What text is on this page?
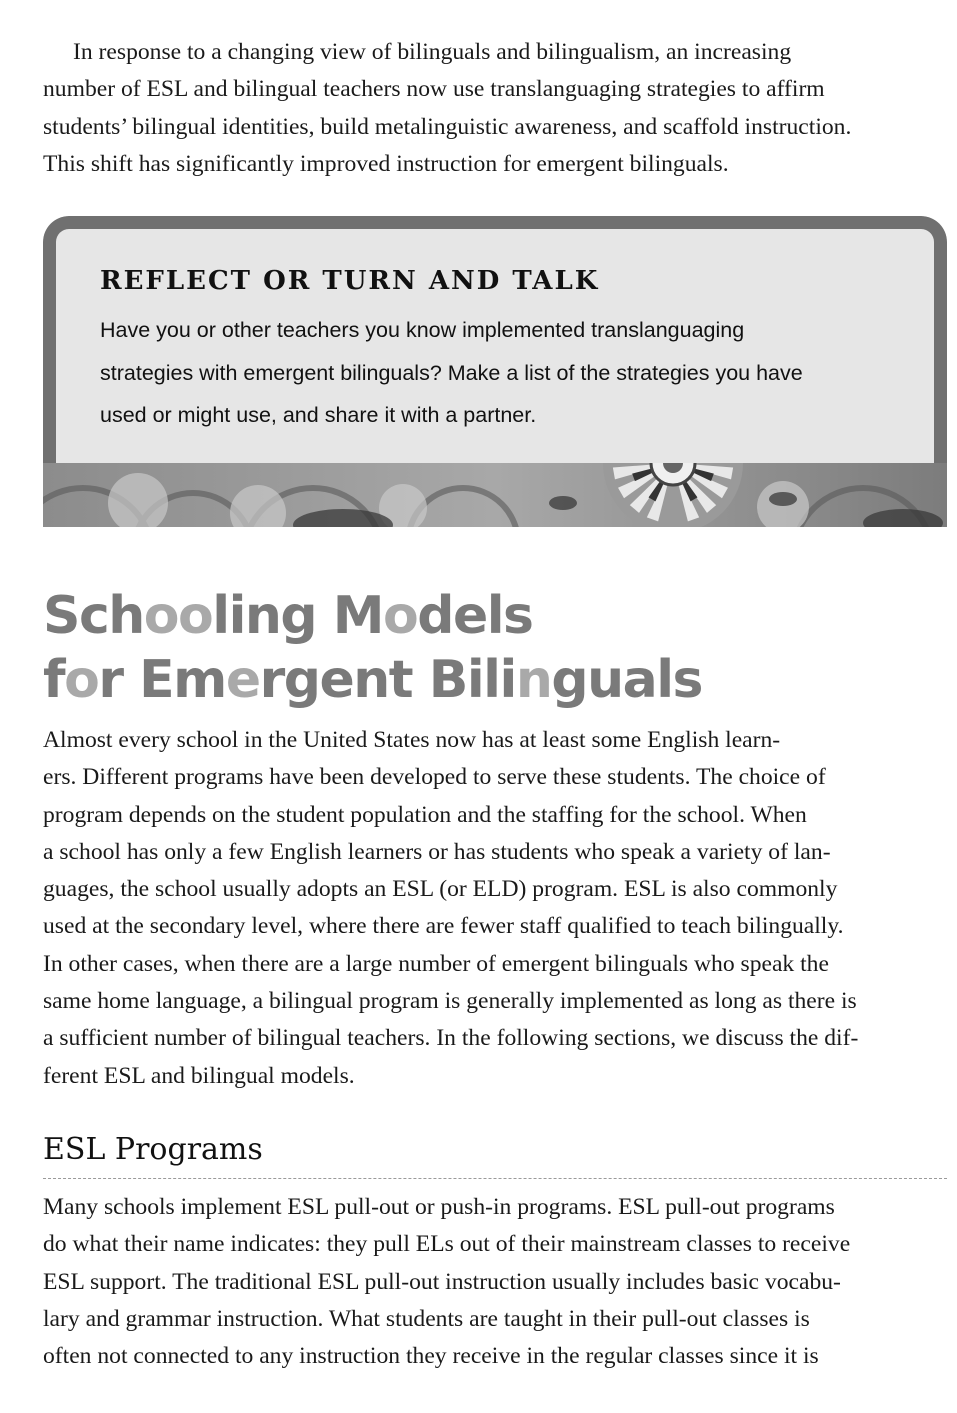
In response to a changing view of bilinguals and bilingualism, an increasing
number of ESL and bilingual teachers now use translanguaging strategies to affirm
students’ bilingual identities, build metalinguistic awareness, and scaffold instruction.
This shift has significantly improved instruction for emergent bilinguals.

REFLECT OR TURN AND TALK

Have you or other teachers you know implemented translanguaging
strategies with emergent bilinguals? Make a list of the strategies you have
used or might use, and share it with a partner.

Schooling Models
for Emergent Bilinguals

Almost every school in the United States now has at least some English learn-
ers. Different programs have been developed to serve these students. The choice of
program depends on the student population and the staffing for the school. When
a school has only a few English learners or has students who speak a variety of lan-
guages, the school usually adopts an ESL (or ELD) program. ESL is also commonly
used at the secondary level, where there are fewer staff qualified to teach bilingually.
In other cases, when there are a large number of emergent bilinguals who speak the
same home language, a bilingual program is generally implemented as long as there is
a sufficient number of bilingual teachers. In the following sections, we discuss the dif-
ferent ESL and bilingual models.

ESL Programs

Many schools implement ESL pull-out or push-in programs. ESL pull-out programs
do what their name indicates: they pull ELs out of their mainstream classes to receive
ESL support. The traditional ESL pull-out instruction usually includes basic vocabu-
lary and grammar instruction. What students are taught in their pull-out classes is
often not connected to any instruction they receive in the regular classes since it is
